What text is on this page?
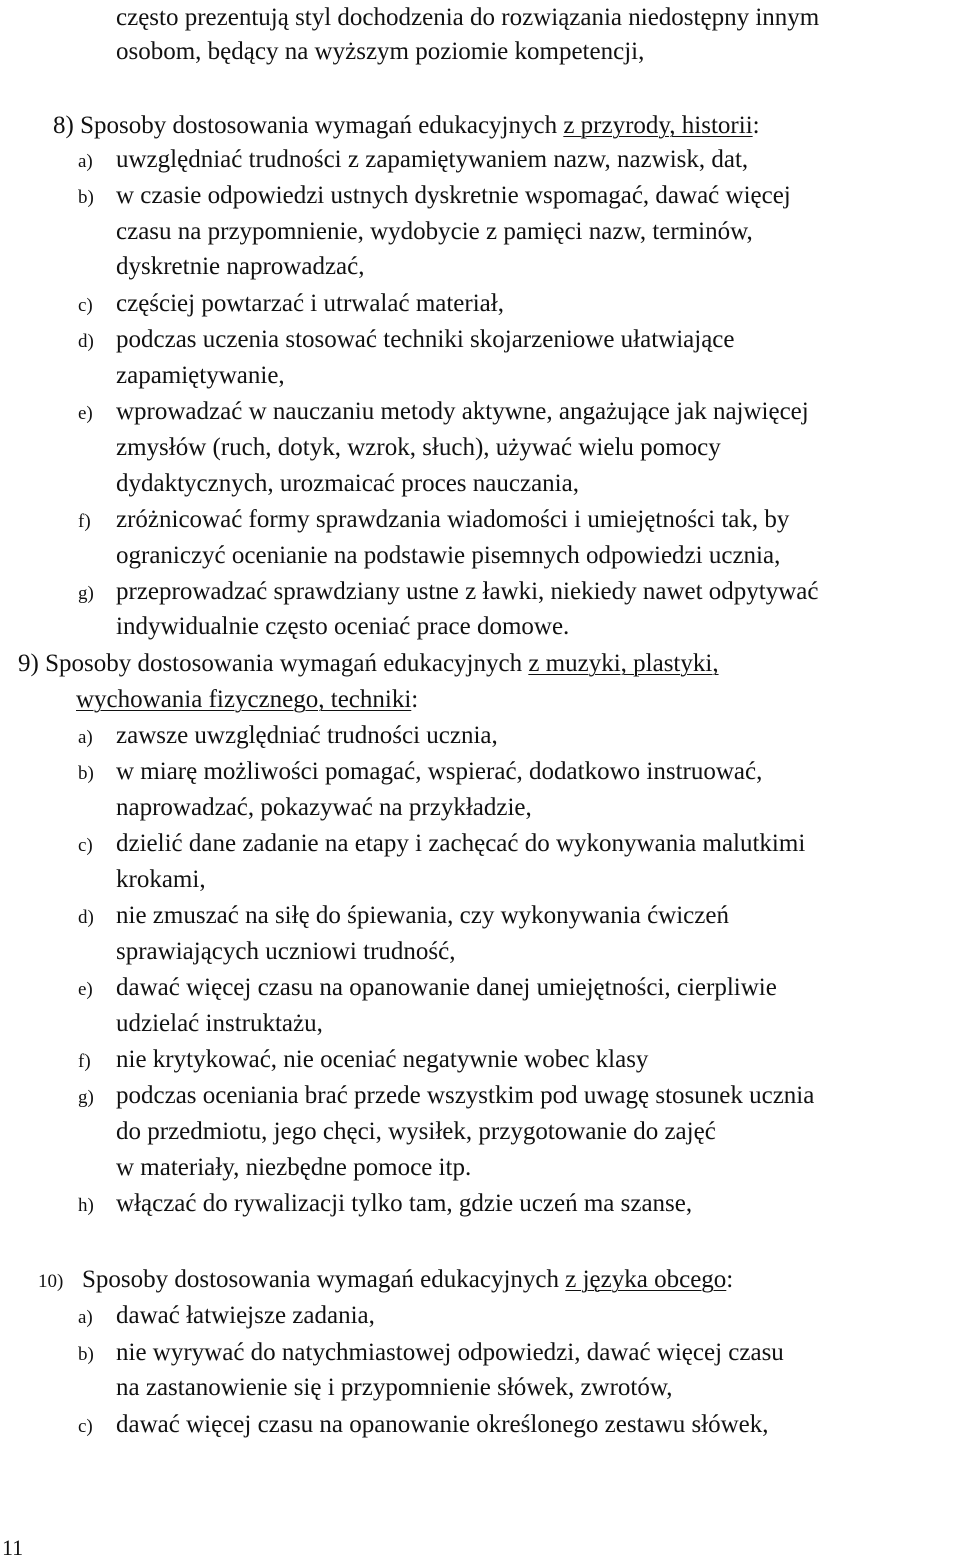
często prezentują styl dochodzenia do rozwiązania niedostępny innym
osobom, będący na wyższym poziomie kompetencji,
8) Sposoby dostosowania wymagań edukacyjnych z przyrody, historii:
a) uwzględniać trudności z zapamiętywaniem nazw, nazwisk, dat,
b) w czasie odpowiedzi ustnych dyskretnie wspomagać, dawać więcej
czasu na przypomnienie, wydobycie z pamięci nazw, terminów,
dyskretnie naprowadzać,
c) częściej powtarzać i utrwalać materiał,
d) podczas uczenia stosować techniki skojarzeniowe ułatwiające
zapamiętywanie,
e) wprowadzać w nauczaniu metody aktywne, angażujące jak najwięcej
zmysłów (ruch, dotyk, wzrok, słuch), używać wielu pomocy
dydaktycznych, urozmaicać proces nauczania,
f) zróżnicować formy sprawdzania wiadomości i umiejętności tak, by
ograniczyć ocenianie na podstawie pisemnych odpowiedzi ucznia,
g) przeprowadzać sprawdziany ustne z ławki, niekiedy nawet odpytywać
indywidualnie często oceniać prace domowe.
9) Sposoby dostosowania wymagań edukacyjnych z muzyki, plastyki,
wychowania fizycznego, techniki:
a) zawsze uwzględniać trudności ucznia,
b) w miarę możliwości pomagać, wspierać, dodatkowo instruować,
naprowadzać, pokazywać na przykładzie,
c) dzielić dane zadanie na etapy i zachęcać do wykonywania malutkimi
krokami,
d) nie zmuszać na siłę do śpiewania, czy wykonywania ćwiczeń
sprawiających uczniowi trudność,
e) dawać więcej czasu na opanowanie danej umiejętności, cierpliwie
udzielać instruktażu,
f) nie krytykować, nie oceniać negatywnie wobec klasy
g) podczas oceniania brać przede wszystkim pod uwagę stosunek ucznia
do przedmiotu, jego chęci, wysiłek, przygotowanie do zajęć
w materiały, niezbędne pomoce itp.
h) włączać do rywalizacji tylko tam, gdzie uczeń ma szanse,
10) Sposoby dostosowania wymagań edukacyjnych z języka obcego:
a) dawać łatwiejsze zadania,
b) nie wyrywać do natychmiastowej odpowiedzi, dawać więcej czasu
na zastanowienie się i przypomnienie słówek, zwrotów,
c) dawać więcej czasu na opanowanie określonego zestawu słówek,
11
